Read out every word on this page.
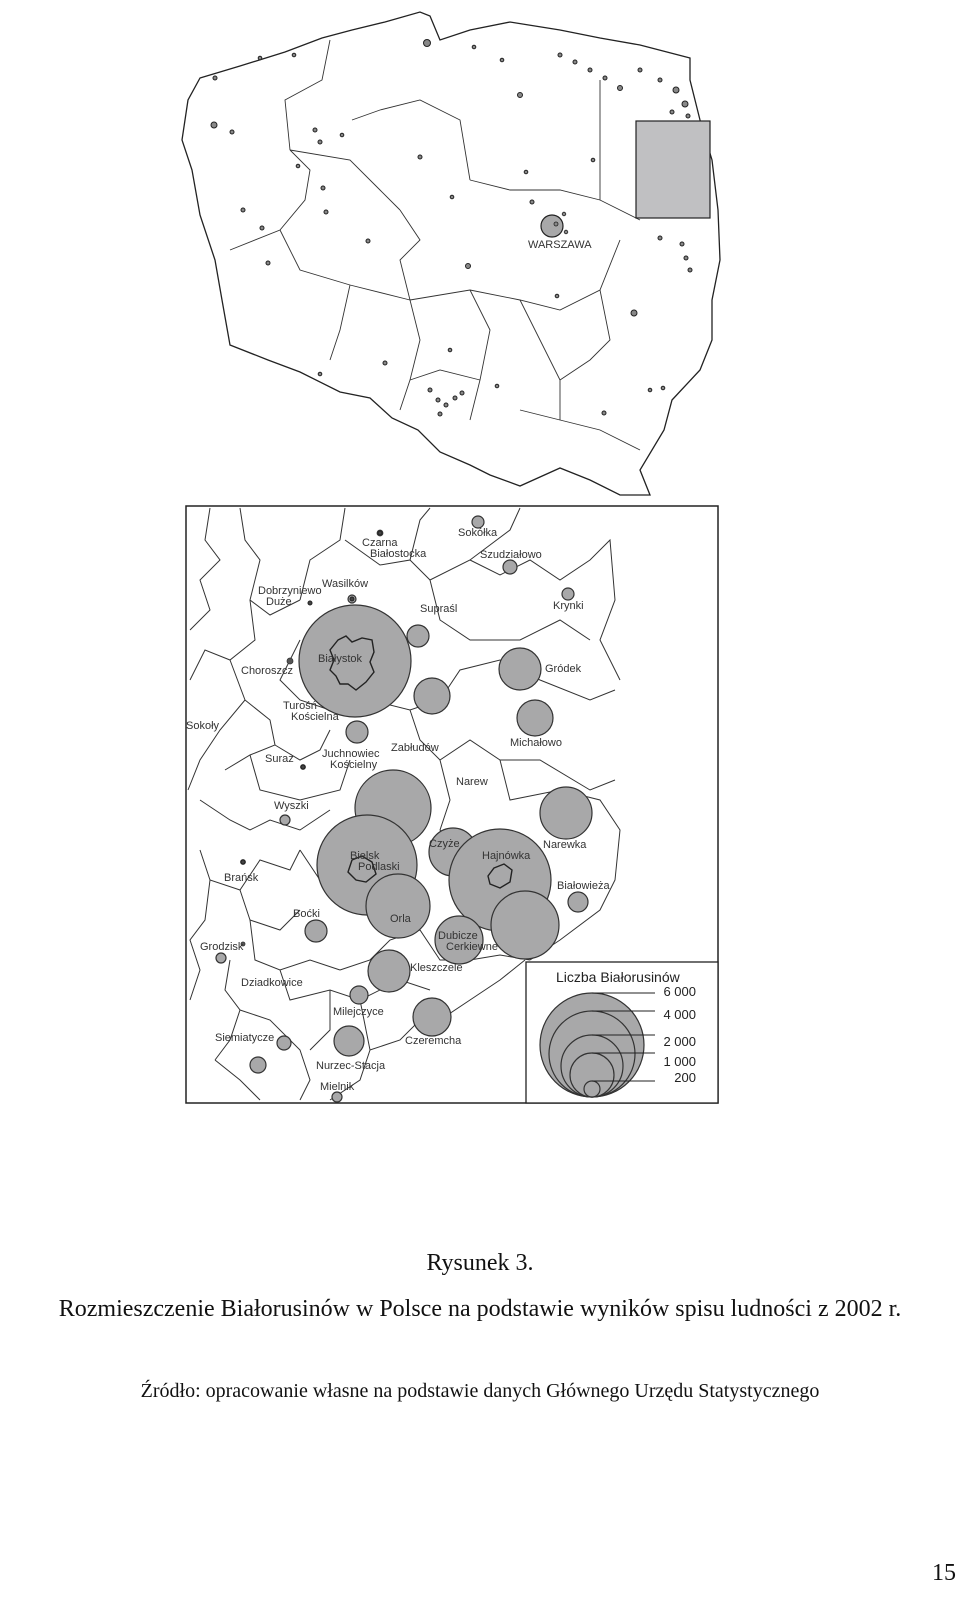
WARSZAWA
Czarna Białostocka
Sokółka
Szudziałowo
Dobrzyniewo Duże
Wasilków
Supraśl	Krynki
Choroszcz
Białystok
Gródek
Turośń Kościelna
Sokoły
Zabłudów	Michałowo
Suraż	Juchnowiec Kościelny
Narew
Wyszki
Bielsk Podlaski
Czyże
Hajnówka
Narewka
Brańsk
Białowieża
Boćki	Orla
Dubicze Cerkiewne
Grodzisk
Kleszczele
Dziadkowice
Milejczyce
Siemiatycze	Czeremcha
Nurzec-Stacja
Mielnik
Liczba Białorusinów
6 000
4 000
2 000
1 000
200

Rysunek 3.

Rozmieszczenie Białorusinów w Polsce na podstawie wyników spisu ludności z 2002 r.

Źródło: opracowanie własne na podstawie danych Głównego Urzędu Statystycznego

15
